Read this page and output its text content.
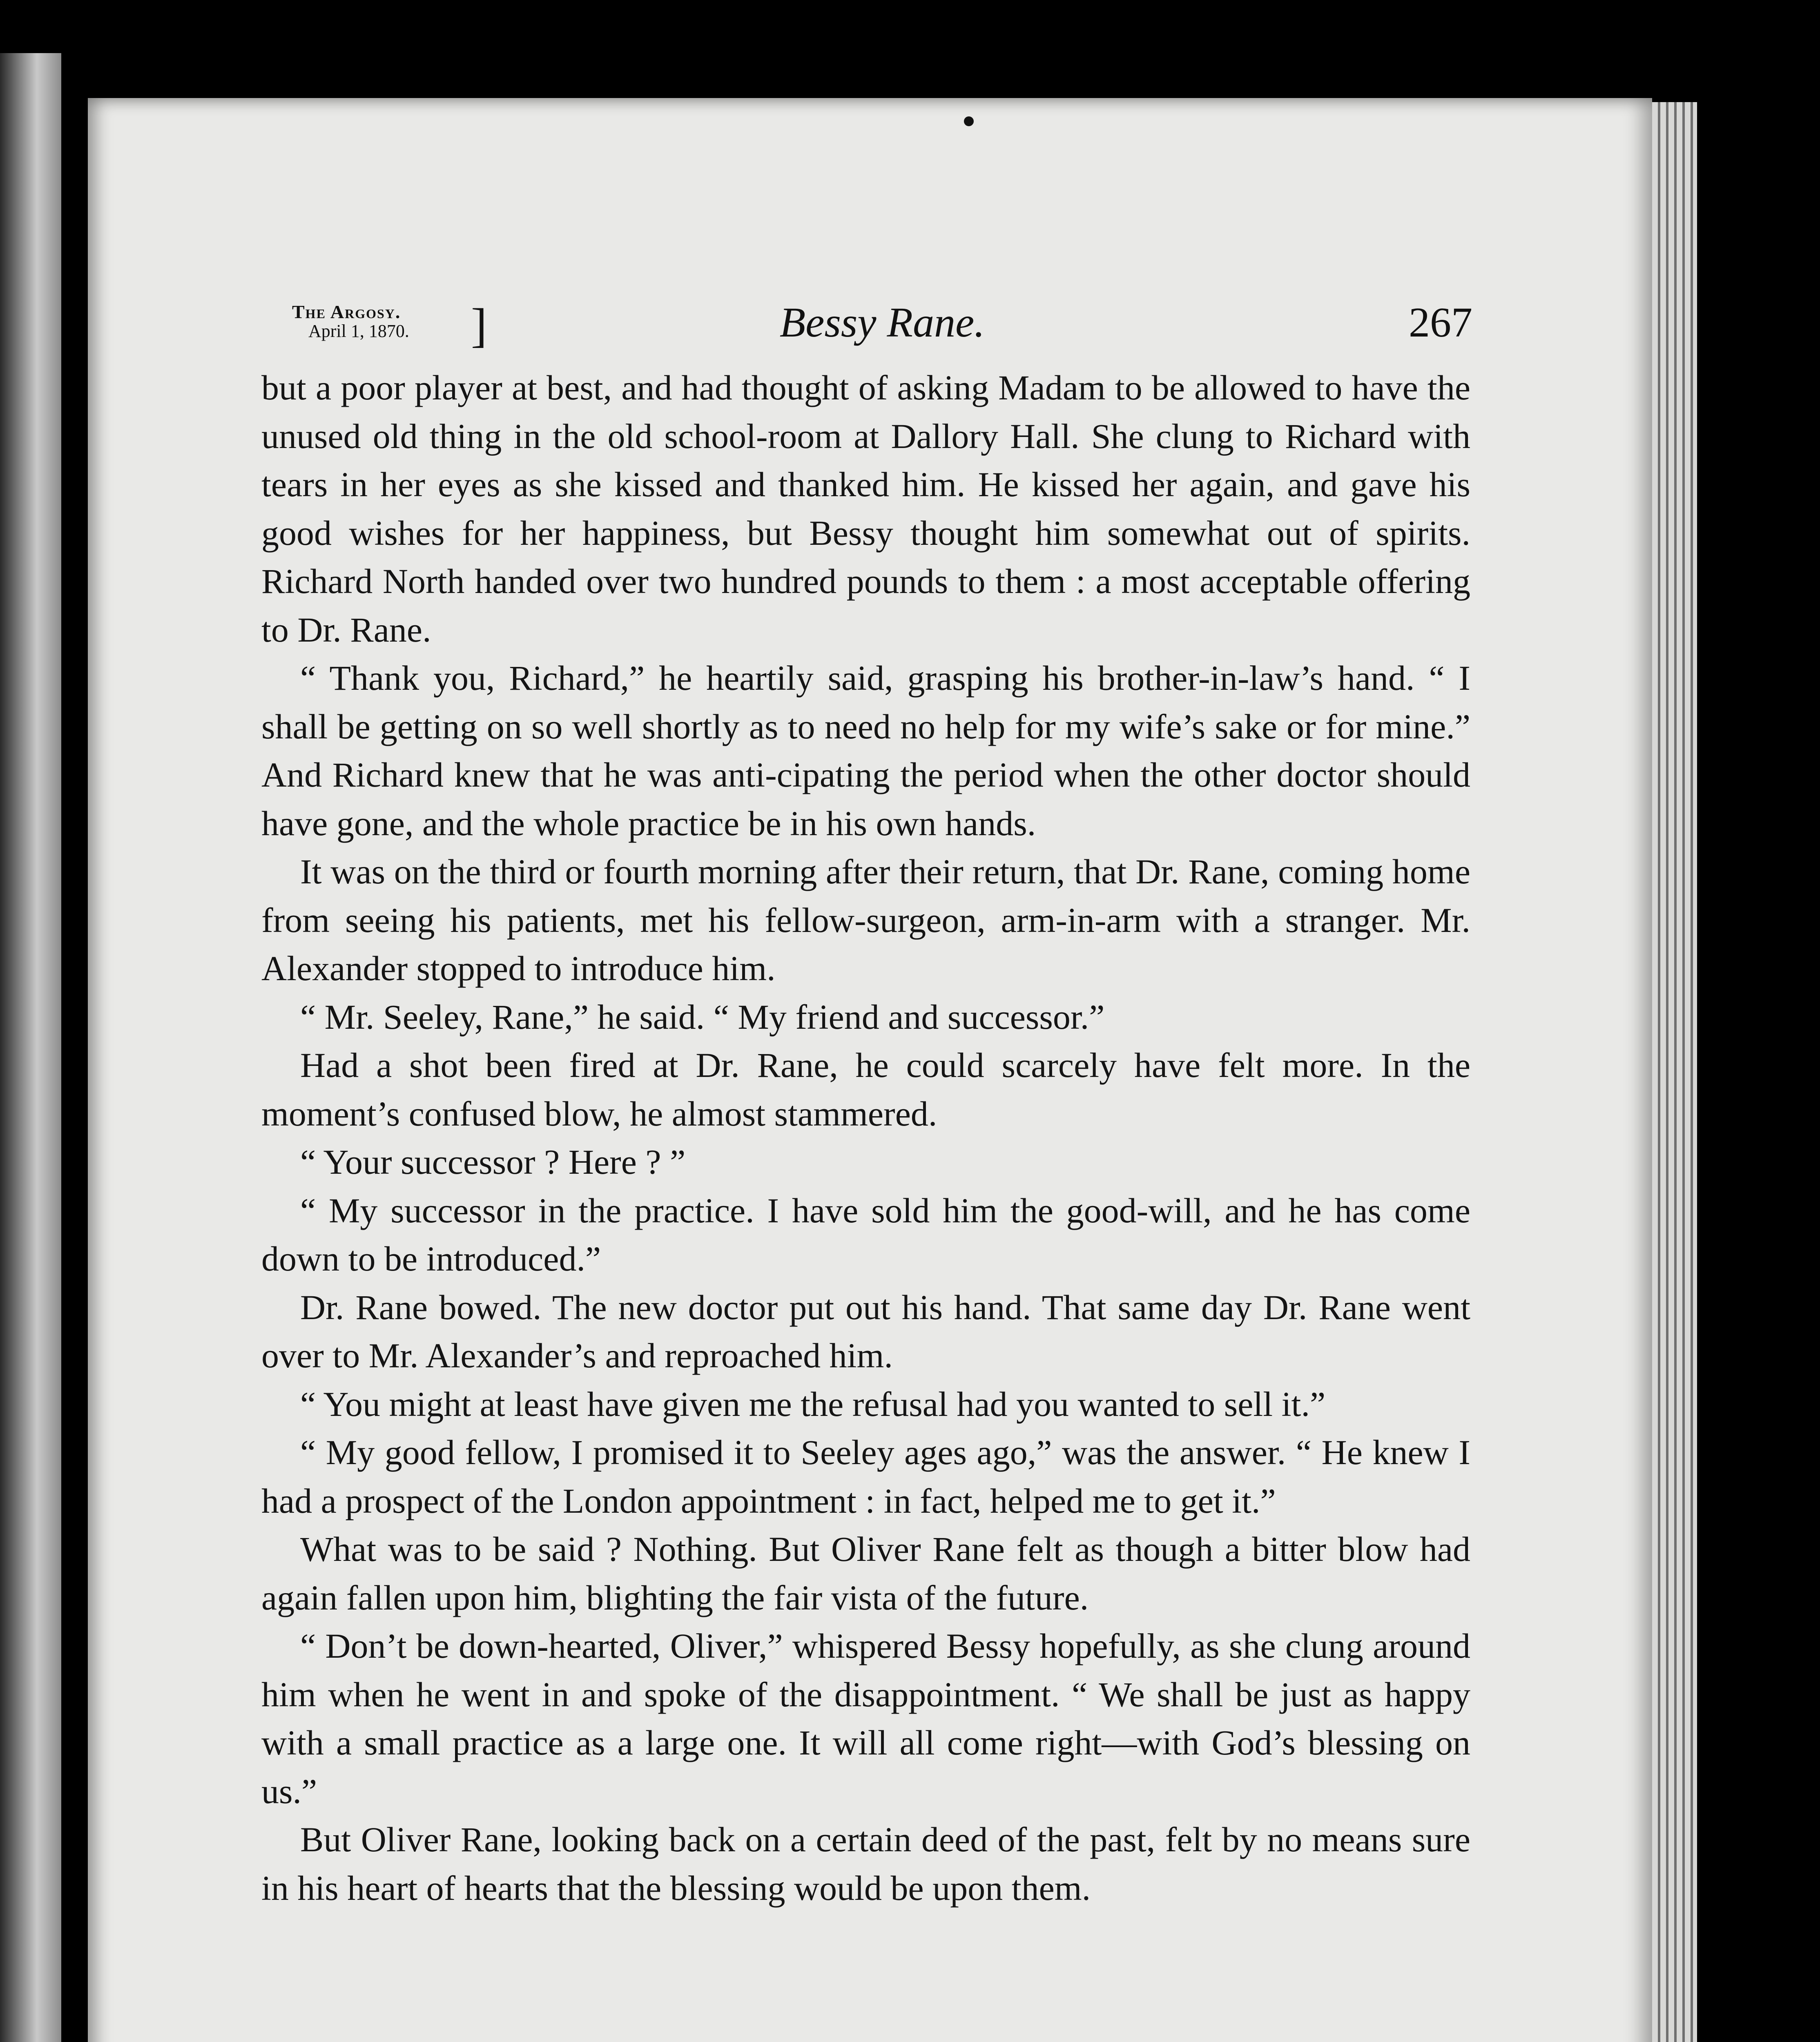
The Argosy.
April 1, 1870.	]	Bessy Rane.	267

but a poor player at best, and had thought of asking Madam to be allowed to have the unused old thing in the old school-room at Dallory Hall. She clung to Richard with tears in her eyes as she kissed and thanked him. He kissed her again, and gave his good wishes for her happiness, but Bessy thought him somewhat out of spirits. Richard North handed over two hundred pounds to them : a most acceptable offering to Dr. Rane.

“ Thank you, Richard,” he heartily said, grasping his brother-in-law’s hand. “ I shall be getting on so well shortly as to need no help for my wife’s sake or for mine.” And Richard knew that he was anti-cipating the period when the other doctor should have gone, and the whole practice be in his own hands.

It was on the third or fourth morning after their return, that Dr. Rane, coming home from seeing his patients, met his fellow-surgeon, arm-in-arm with a stranger. Mr. Alexander stopped to introduce him.

“ Mr. Seeley, Rane,” he said. “ My friend and successor.”

Had a shot been fired at Dr. Rane, he could scarcely have felt more. In the moment’s confused blow, he almost stammered.

“ Your successor ? Here ? ”

“ My successor in the practice. I have sold him the good-will, and he has come down to be introduced.”

Dr. Rane bowed. The new doctor put out his hand. That same day Dr. Rane went over to Mr. Alexander’s and reproached him.

“ You might at least have given me the refusal had you wanted to sell it.”

“ My good fellow, I promised it to Seeley ages ago,” was the answer. “ He knew I had a prospect of the London appointment : in fact, helped me to get it.”

What was to be said ? Nothing. But Oliver Rane felt as though a bitter blow had again fallen upon him, blighting the fair vista of the future.

“ Don’t be down-hearted, Oliver,” whispered Bessy hopefully, as she clung around him when he went in and spoke of the disappointment. “ We shall be just as happy with a small practice as a large one. It will all come right—with God’s blessing on us.”

But Oliver Rane, looking back on a certain deed of the past, felt by no means sure in his heart of hearts that the blessing would be upon them.
